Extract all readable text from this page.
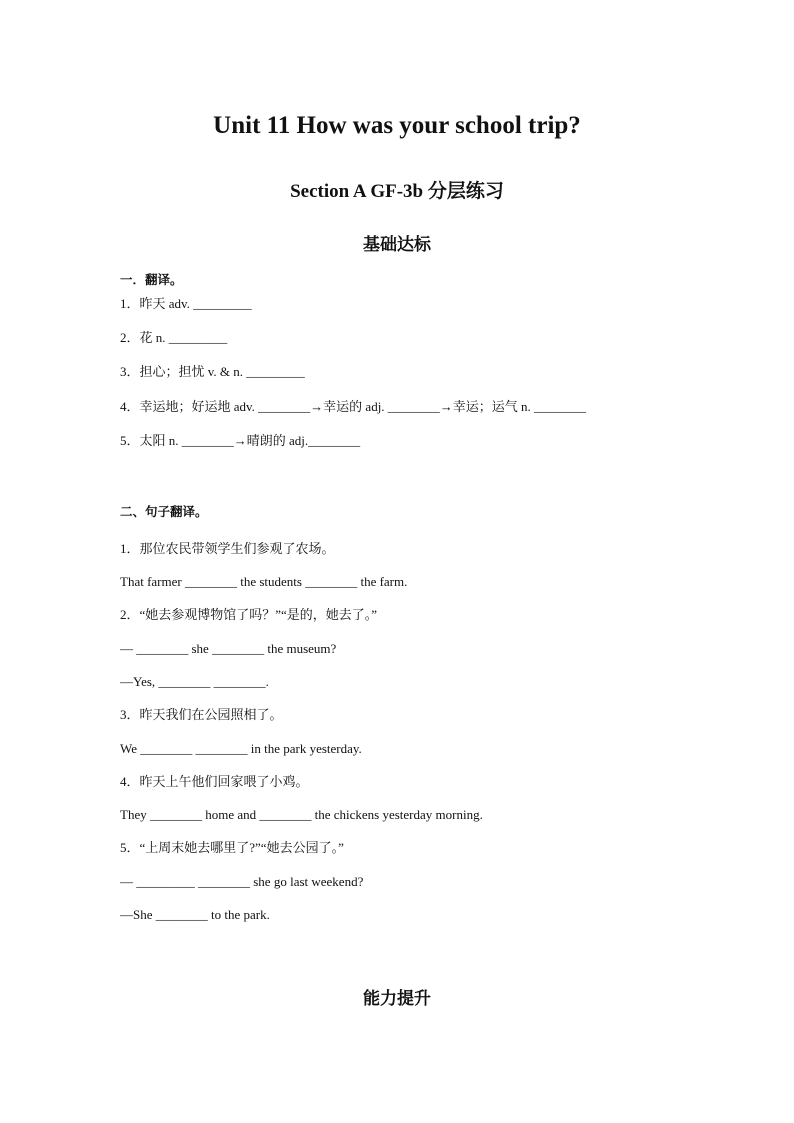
Unit 11 How was your school trip?
Section A GF-3b 分层练习
基础达标
一．翻译。
1．昨天 adv. _________
2．花 n. _________
3．担心；担忧 v. & n. _________
4．幸运地；好运地 adv. ________→幸运的 adj. ________→幸运；运气 n. ________
5．太阳 n. ________→晴朗的 adj.________
二、句子翻译。
1．那位农民带领学生们参观了农场。
That farmer ________ the students ________ the farm.
2．“她去参观博物馆了吗？”“是的，她去了。”
— ________ she ________ the museum?
—Yes, ________ ________.
3．昨天我们在公园照相了。
We ________ ________ in the park yesterday.
4．昨天上午他们回家喂了小鸡。
They ________ home and ________ the chickens yesterday morning.
5．“上周末她去哪里了?”“她去公园了。”
— _________ ________ she go last weekend?
—She ________ to the park.
能力提升
